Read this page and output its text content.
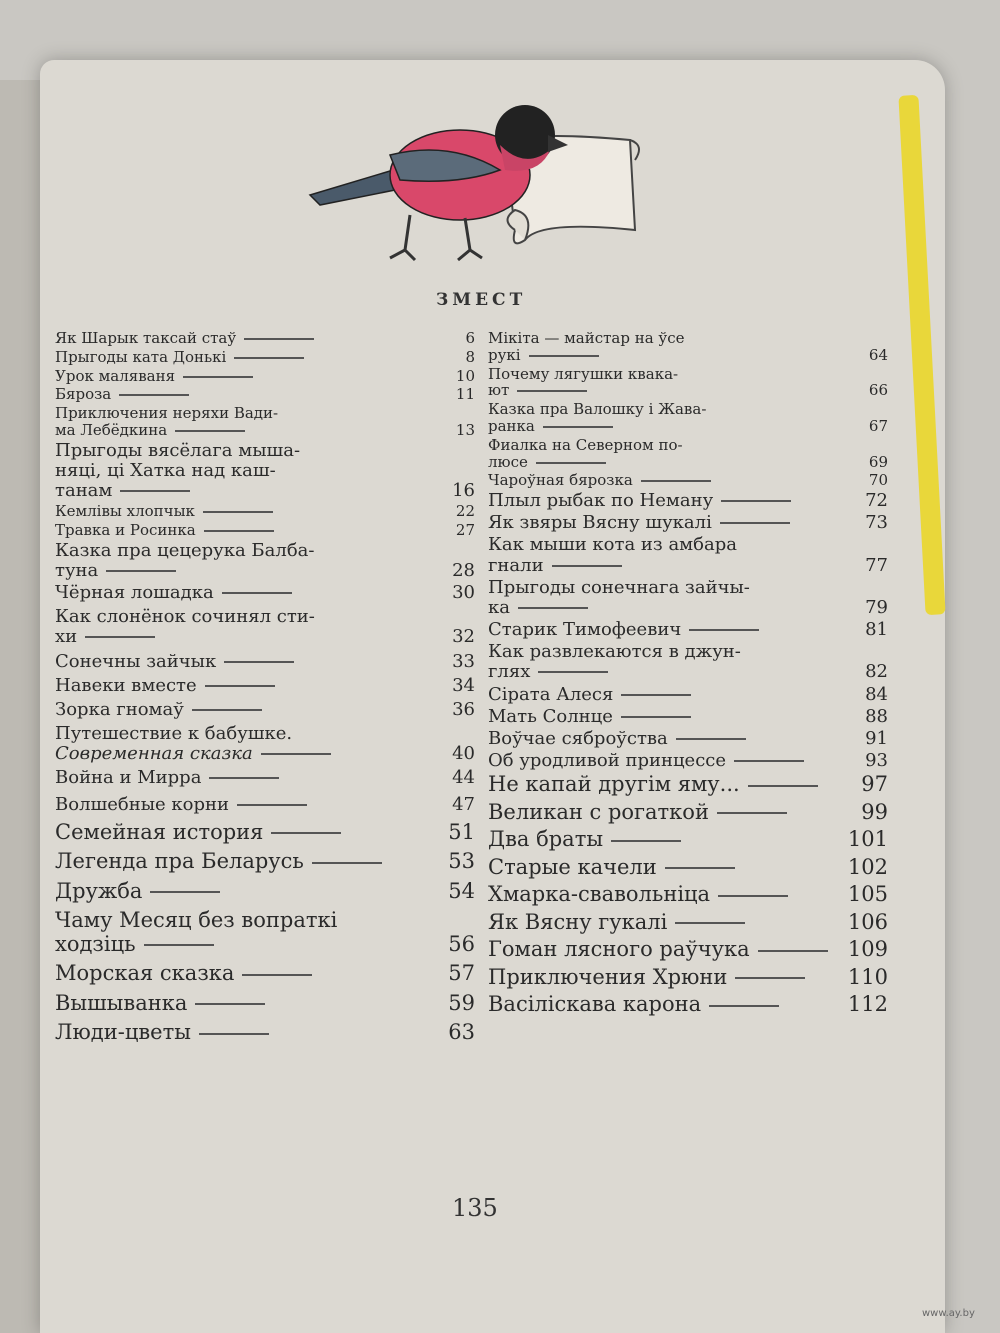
ЗМЕСТ
Як Шарык таксай стаў	6
Прыгоды ката Донькі	8
Урок маляваня	10
Бяроза	11
Приключения неряхи Вади-
ма Лебёдкина	13
Прыгоды вясёлага мыша-
няці, ці Хатка над каш-
танам	16
Кемлівы хлопчык	22
Травка и Росинка	27
Казка пра цецерука Балба-
туна	28
Чёрная лошадка	30
Как слонёнок сочинял сти-
хи	32
Сонечны зайчык	33
Навеки вместе	34
Зорка гномаў	36
Путешествие к бабушке.
Современная сказка	40
Война и Мирра	44
Волшебные корни	47
Семейная история	51
Легенда пра Беларусь	53
Дружба	54
Чаму Месяц без вопраткі
ходзіць	56
Морская сказка	57
Вышыванка	59
Люди-цветы	63
Мікіта — майстар на ўсе
рукі	64
Почему лягушки квака-
ют	66
Казка пра Валошку і Жава-
ранка	67
Фиалка на Северном по-
люсе	69
Чароўная бярозка	70
Плыл рыбак по Неману	72
Як звяры Вясну шукалі	73
Как мыши кота из амбара
гнали	77
Прыгоды сонечнага зайчы-
ка	79
Старик Тимофеевич	81
Как развлекаются в джун-
глях	82
Сірата Алеся	84
Мать Солнце	88
Воўчае сяброўства	91
Об уродливой принцессе	93
Не капай другім яму...	97
Великан с рогаткой	99
Два браты	101
Старые качели	102
Хмарка-свавольніца	105
Як Вясну гукалі	106
Гоман лясного раўчука	109
Приключения Хрюни	110
Васіліскава карона	112
135
www.ay.by
